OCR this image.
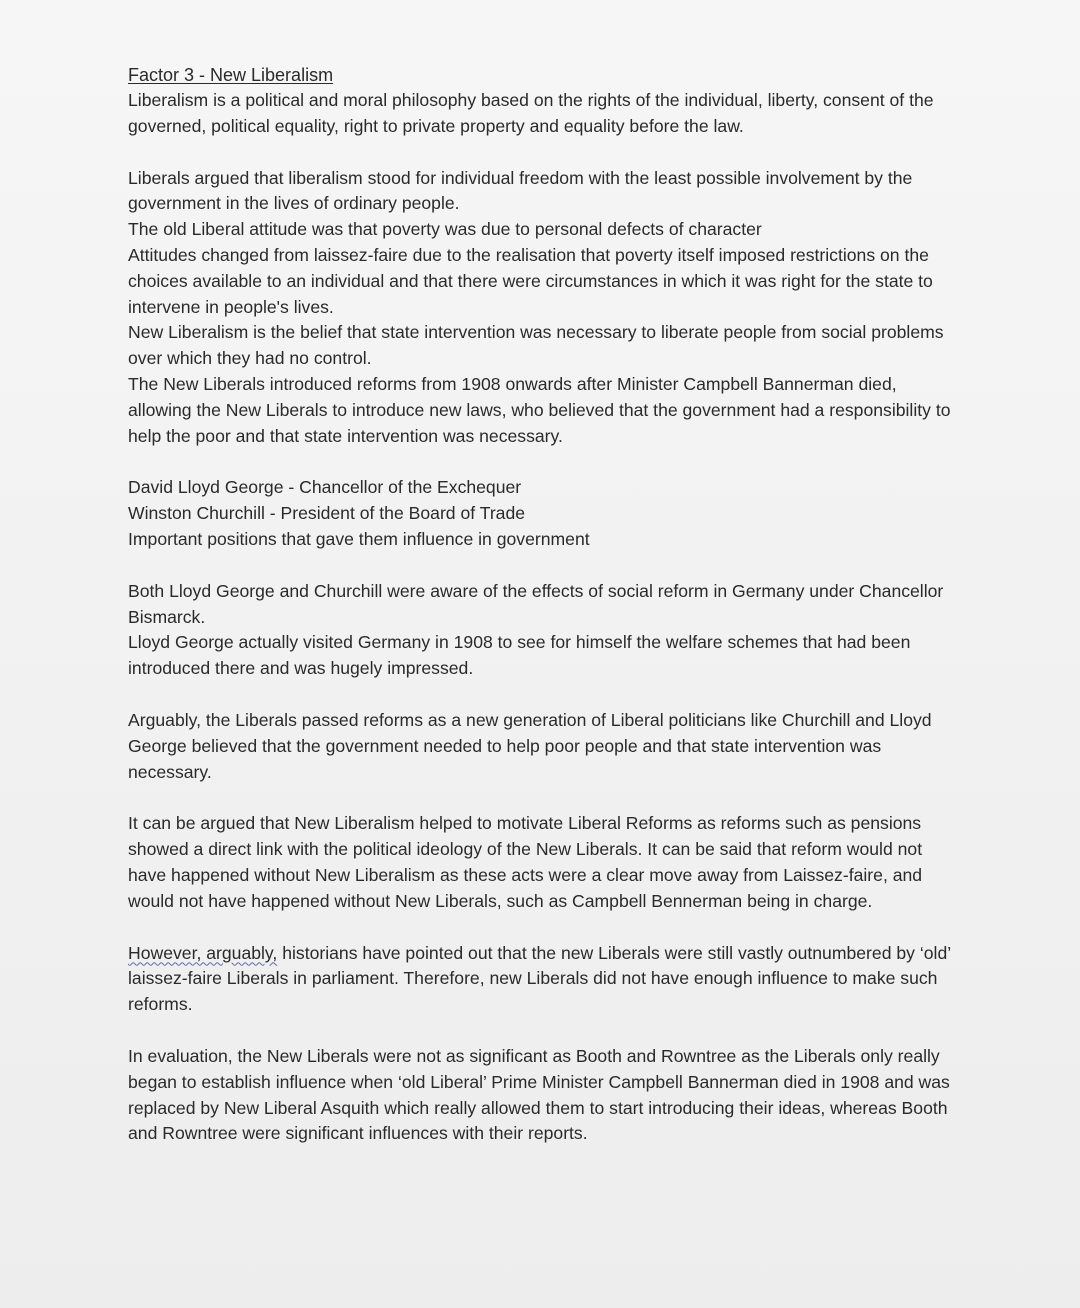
Factor 3 - New Liberalism

Liberalism is a political and moral philosophy based on the rights of the individual, liberty, consent of the governed, political equality, right to private property and equality before the law.

Liberals argued that liberalism stood for individual freedom with the least possible involvement by the government in the lives of ordinary people.

The old Liberal attitude was that poverty was due to personal defects of character

Attitudes changed from laissez-faire due to the realisation that poverty itself imposed restrictions on the choices available to an individual and that there were circumstances in which it was right for the state to intervene in people's lives.

New Liberalism is the belief that state intervention was necessary to liberate people from social problems over which they had no control.

The New Liberals introduced reforms from 1908 onwards after Minister Campbell Bannerman died, allowing the New Liberals to introduce new laws, who believed that the government had a responsibility to help the poor and that state intervention was necessary.

David Lloyd George - Chancellor of the Exchequer

Winston Churchill - President of the Board of Trade

Important positions that gave them influence in government

Both Lloyd George and Churchill were aware of the effects of social reform in Germany under Chancellor Bismarck.

Lloyd George actually visited Germany in 1908 to see for himself the welfare schemes that had been introduced there and was hugely impressed.

Arguably, the Liberals passed reforms as a new generation of Liberal politicians like Churchill and Lloyd George believed that the government needed to help poor people and that state intervention was necessary.

It can be argued that New Liberalism helped to motivate Liberal Reforms as reforms such as pensions showed a direct link with the political ideology of the New Liberals. It can be said that reform would not have happened without New Liberalism as these acts were a clear move away from Laissez-faire, and would not have happened without New Liberals, such as Campbell Bennerman being in charge.

However, arguably, historians have pointed out that the new Liberals were still vastly outnumbered by ‘old’ laissez-faire Liberals in parliament. Therefore, new Liberals did not have enough influence to make such reforms.

In evaluation, the New Liberals were not as significant as Booth and Rowntree as the Liberals only really began to establish influence when ‘old Liberal’ Prime Minister Campbell Bannerman died in 1908 and was replaced by New Liberal Asquith which really allowed them to start introducing their ideas, whereas Booth and Rowntree were significant influences with their reports.
